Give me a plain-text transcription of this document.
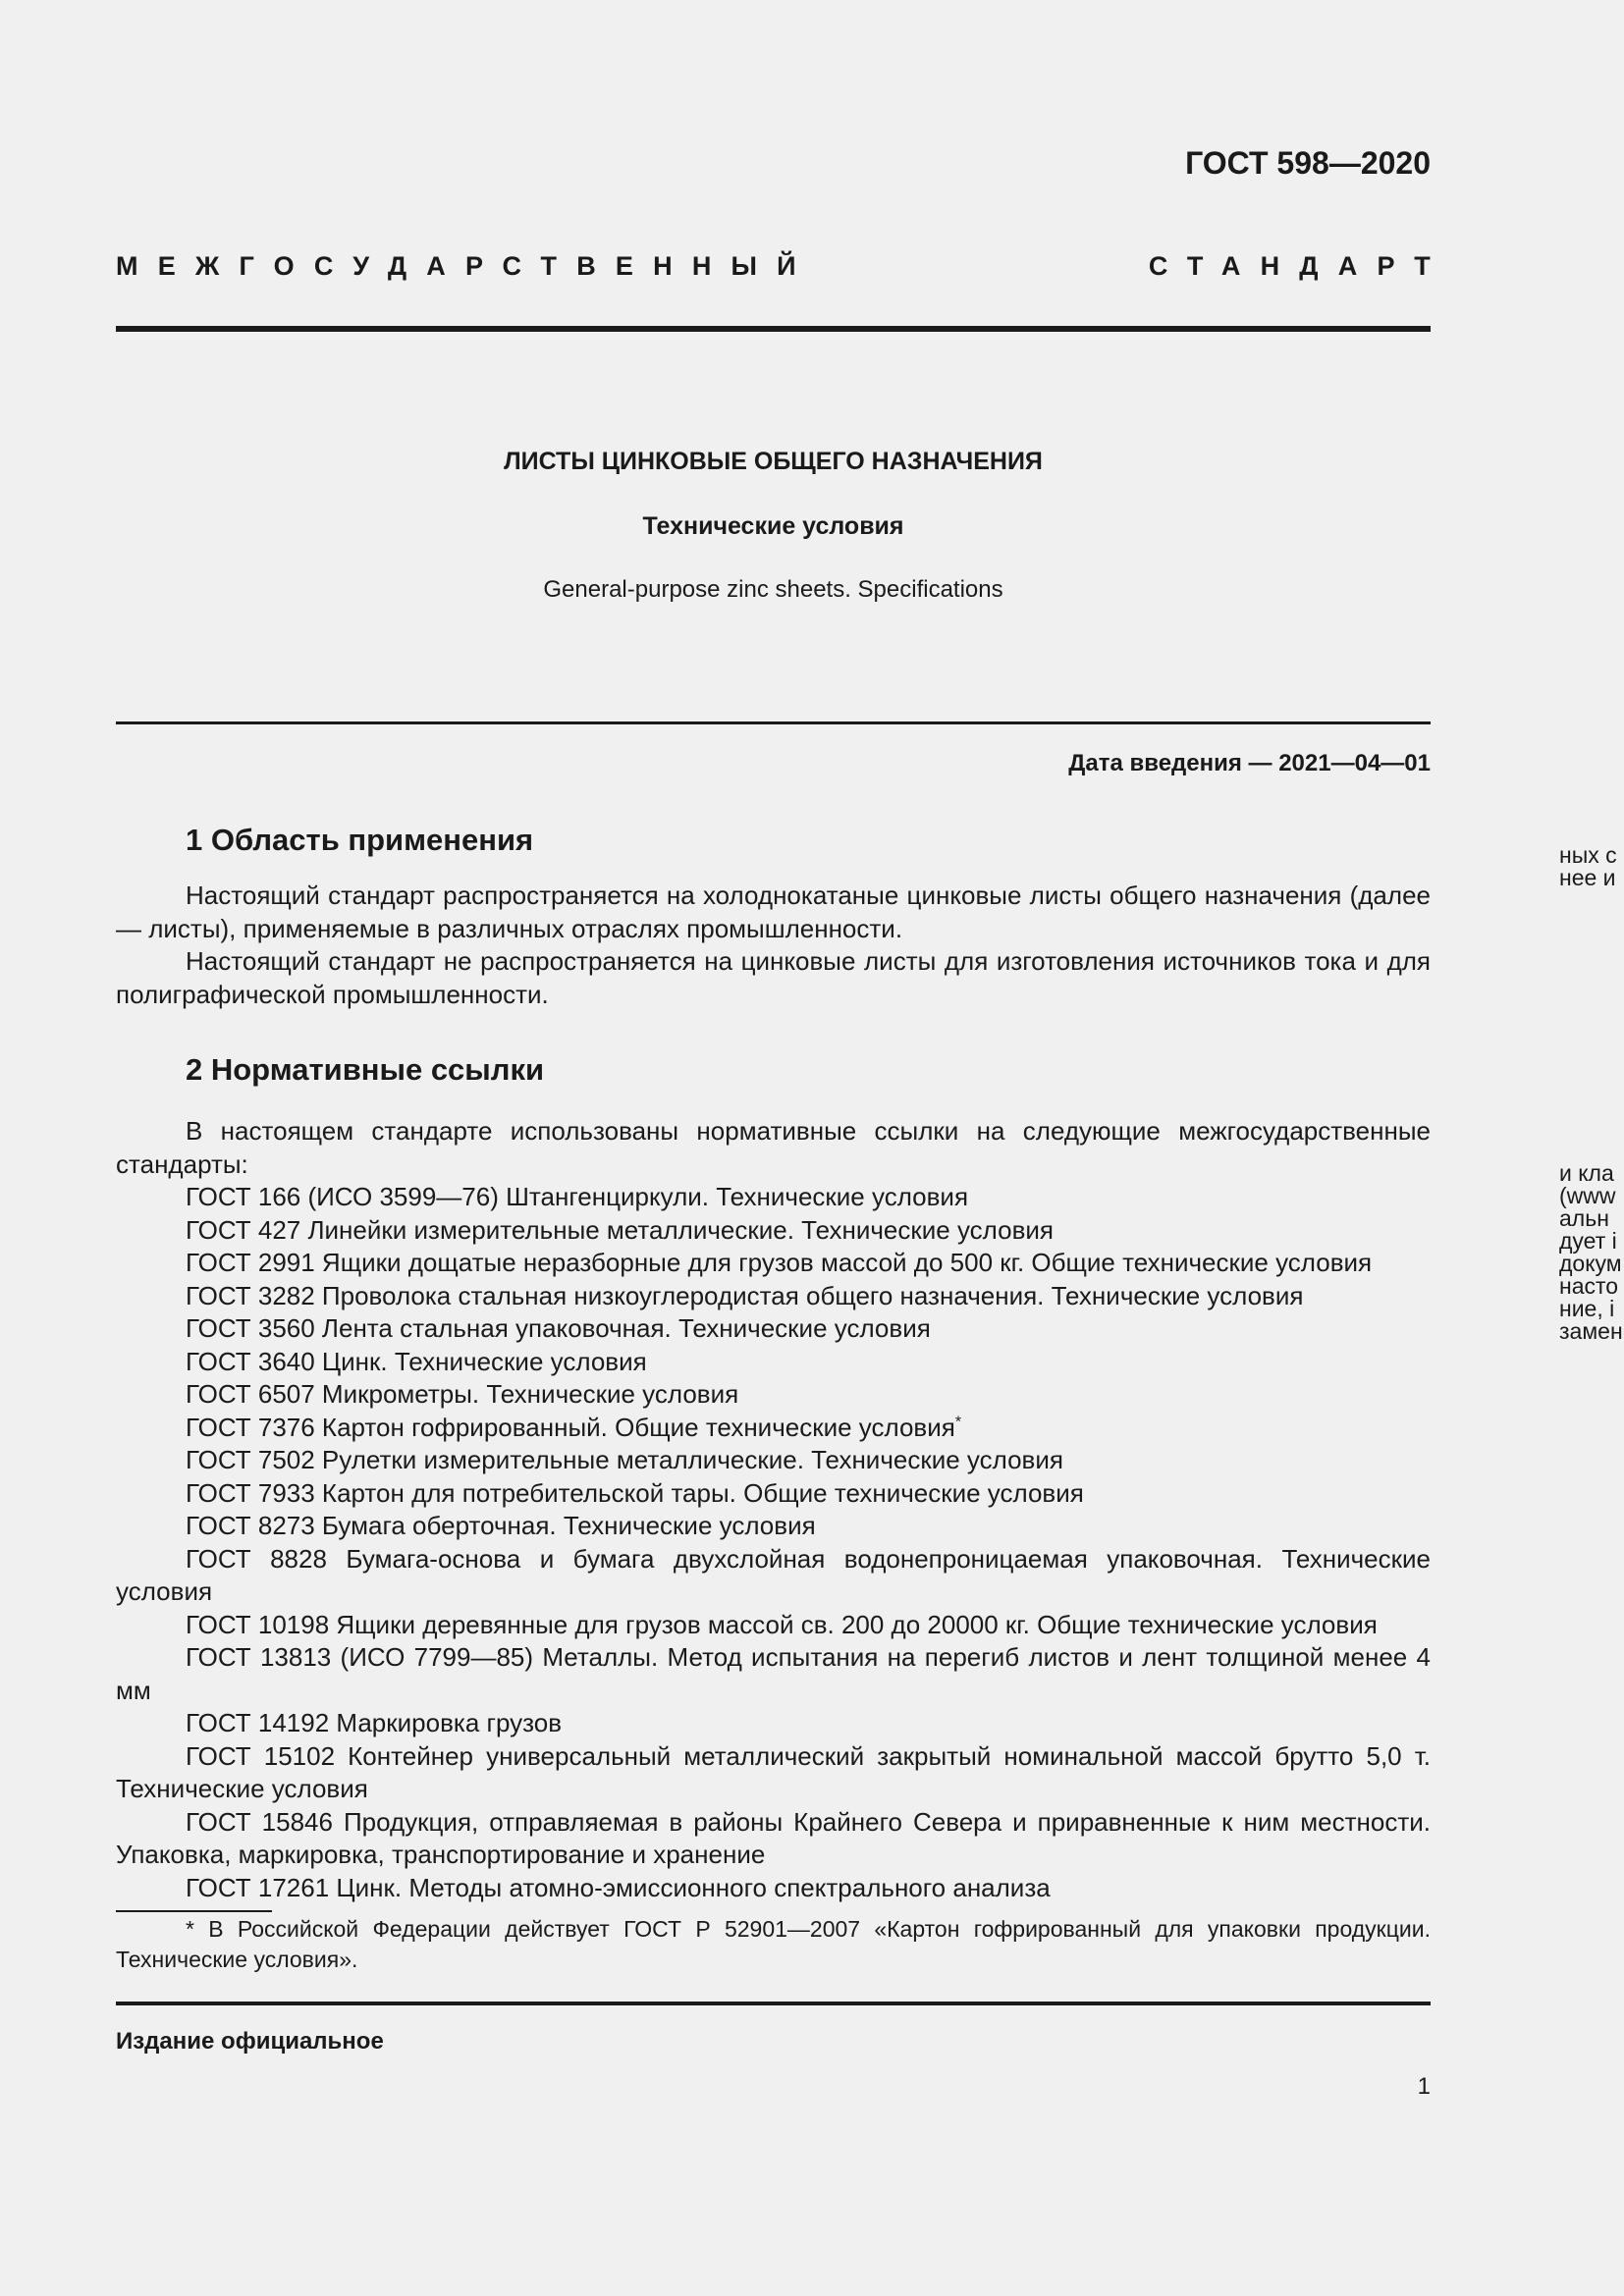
ГОСТ 598—2020
МЕЖГОСУДАРСТВЕННЫЙ	СТАНДАРТ
ЛИСТЫ ЦИНКОВЫЕ ОБЩЕГО НАЗНАЧЕНИЯ
Технические условия
General-purpose zinc sheets. Specifications
Дата введения — 2021—04—01
1 Область применения

Настоящий стандарт распространяется на холоднокатаные цинковые листы общего назначения (далее — листы), применяемые в различных отраслях промышленности.

Настоящий стандарт не распространяется на цинковые листы для изготовления источников тока и для полиграфической промышленности.

2 Нормативные ссылки

В настоящем стандарте использованы нормативные ссылки на следующие межгосударственные стандарты:

ГОСТ 166 (ИСО 3599—76) Штангенциркули. Технические условия

ГОСТ 427 Линейки измерительные металлические. Технические условия

ГОСТ 2991 Ящики дощатые неразборные для грузов массой до 500 кг. Общие технические условия

ГОСТ 3282 Проволока стальная низкоуглеродистая общего назначения. Технические условия

ГОСТ 3560 Лента стальная упаковочная. Технические условия

ГОСТ 3640 Цинк. Технические условия

ГОСТ 6507 Микрометры. Технические условия

ГОСТ 7376 Картон гофрированный. Общие технические условия*

ГОСТ 7502 Рулетки измерительные металлические. Технические условия

ГОСТ 7933 Картон для потребительской тары. Общие технические условия

ГОСТ 8273 Бумага оберточная. Технические условия

ГОСТ 8828 Бумага-основа и бумага двухслойная водонепроницаемая упаковочная. Технические условия

ГОСТ 10198 Ящики деревянные для грузов массой св. 200 до 20000 кг. Общие технические условия

ГОСТ 13813 (ИСО 7799—85) Металлы. Метод испытания на перегиб листов и лент толщиной менее 4 мм

ГОСТ 14192 Маркировка грузов

ГОСТ 15102 Контейнер универсальный металлический закрытый номинальной массой брутто 5,0 т. Технические условия

ГОСТ 15846 Продукция, отправляемая в районы Крайнего Севера и приравненные к ним местности. Упаковка, маркировка, транспортирование и хранение

ГОСТ 17261 Цинк. Методы атомно-эмиссионного спектрального анализа

* В Российской Федерации действует ГОСТ Р 52901—2007 «Картон гофрированный для упаковки продукции. Технические условия».

Издание официальное
1
ных с
нее и
и кла
(www
альн
дует і
докум
насто
ние, і
замен
